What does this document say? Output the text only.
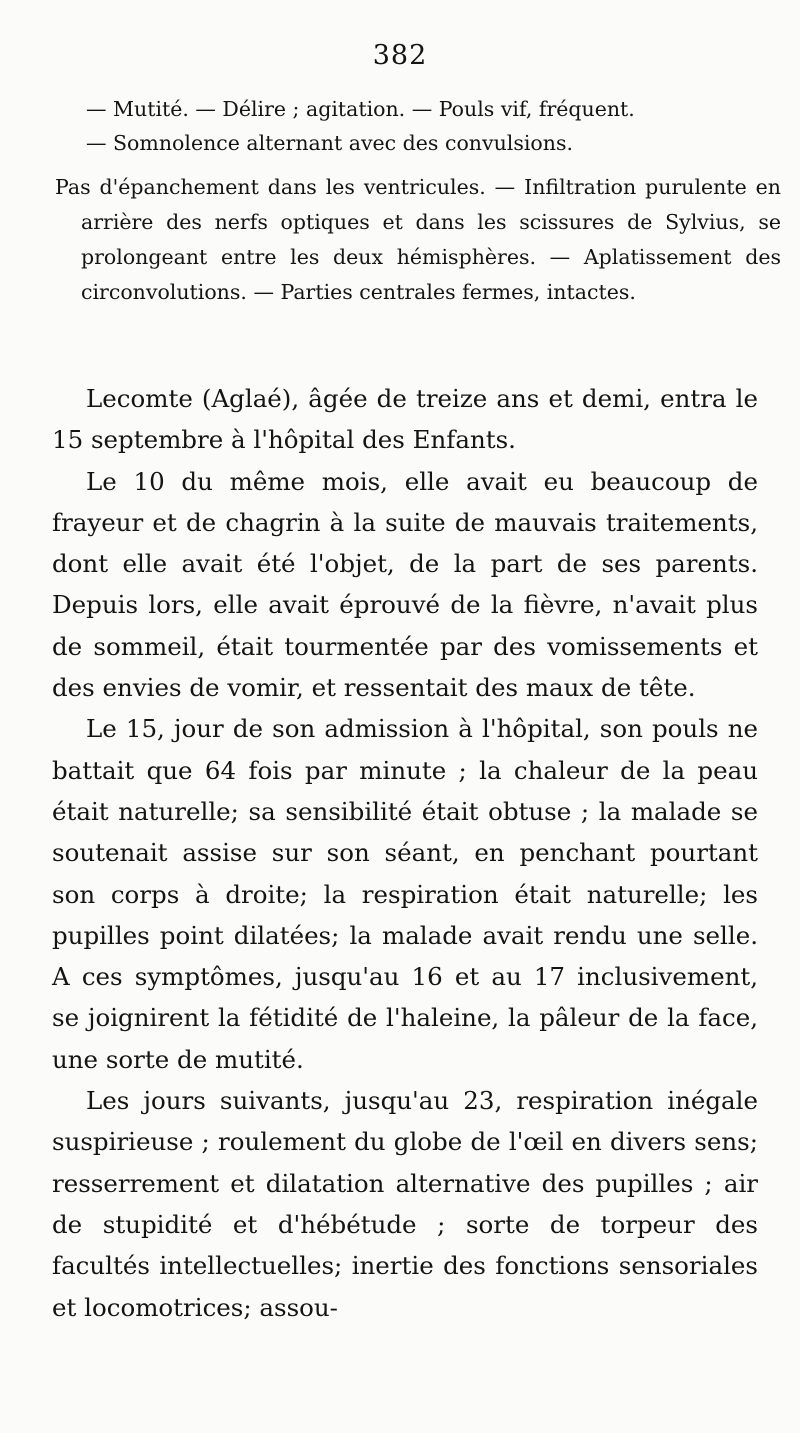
382
— Mutité. — Délire ; agitation. — Pouls vif, fréquent.
— Somnolence alternant avec des convulsions.
Pas d'épanchement dans les ventricules. — Infiltration purulente en arrière des nerfs optiques et dans les scissures de Sylvius, se prolongeant entre les deux hémisphères. — Aplatissement des circonvolutions. — Parties centrales fermes, intactes.

Lecomte (Aglaé), âgée de treize ans et demi, entra le 15 septembre à l'hôpital des Enfants.

Le 10 du même mois, elle avait eu beaucoup de frayeur et de chagrin à la suite de mauvais traitements, dont elle avait été l'objet, de la part de ses parents. Depuis lors, elle avait éprouvé de la fièvre, n'avait plus de sommeil, était tourmentée par des vomissements et des envies de vomir, et ressentait des maux de tête.

Le 15, jour de son admission à l'hôpital, son pouls ne battait que 64 fois par minute ; la chaleur de la peau était naturelle; sa sensibilité était obtuse ; la malade se soutenait assise sur son séant, en penchant pourtant son corps à droite; la respiration était naturelle; les pupilles point dilatées; la malade avait rendu une selle. A ces symptômes, jusqu'au 16 et au 17 inclusivement, se joignirent la fétidité de l'haleine, la pâleur de la face, une sorte de mutité.

Les jours suivants, jusqu'au 23, respiration inégale suspirieuse ; roulement du globe de l'œil en divers sens; resserrement et dilatation alternative des pupilles ; air de stupidité et d'hébétude ; sorte de torpeur des facultés intellectuelles; inertie des fonctions sensoriales et locomotrices; assou-
